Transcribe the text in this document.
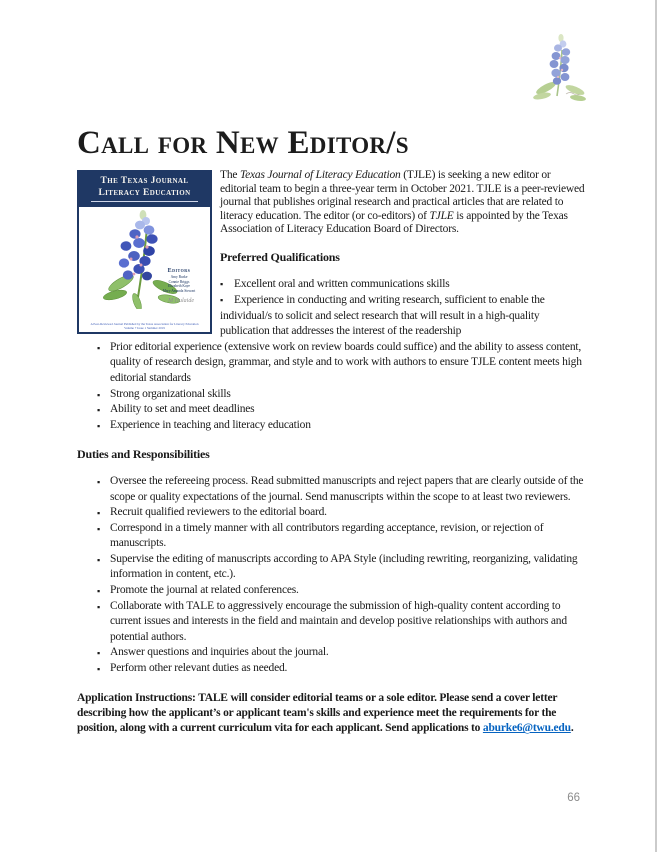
Call for New Editor/s
The Texas Journal
Literacy Education
Editors
Amy Burke
Connie Briggs
Elizabeth Kaye
Mary Amanda Stewart
M Hulaide
A Peer-Reviewed Journal Published by the Texas Association for Literacy Education
Volume 7 Issue 1 Summer 2019

The Texas Journal of Literacy Education (TJLE) is seeking a new editor or editorial team to begin a three-year term in October 2021. TJLE is a peer-reviewed journal that publishes original research and practical articles that are related to literacy education. The editor (or co-editors) of TJLE is appointed by the Texas Association of Literacy Education Board of Directors.

Preferred Qualifications
▪ Excellent oral and written communications skills
▪ Experience in conducting and writing research, sufficient to enable the individual/s to solicit and select research that will result in a high-quality publication that addresses the interest of the readership
▪ Prior editorial experience (extensive work on review boards could suffice) and the ability to assess content, quality of research design, grammar, and style and to work with authors to ensure TJLE content meets high editorial standards
▪ Strong organizational skills
▪ Ability to set and meet deadlines
▪ Experience in teaching and literacy education
Duties and Responsibilities
▪ Oversee the refereeing process. Read submitted manuscripts and reject papers that are clearly outside of the scope or quality expectations of the journal. Send manuscripts within the scope to at least two reviewers.
▪ Recruit qualified reviewers to the editorial board.
▪ Correspond in a timely manner with all contributors regarding acceptance, revision, or rejection of manuscripts.
▪ Supervise the editing of manuscripts according to APA Style (including rewriting, reorganizing, validating information in content, etc.).
▪ Promote the journal at related conferences.
▪ Collaborate with TALE to aggressively encourage the submission of high-quality content according to current issues and interests in the field and maintain and develop positive relationships with authors and potential authors.
▪ Answer questions and inquiries about the journal.
▪ Perform other relevant duties as needed.

Application Instructions: TALE will consider editorial teams or a sole editor. Please send a cover letter describing how the applicant’s or applicant team's skills and experience meet the requirements for the position, along with a current curriculum vita for each applicant. Send applications to aburke6@twu.edu.

66
